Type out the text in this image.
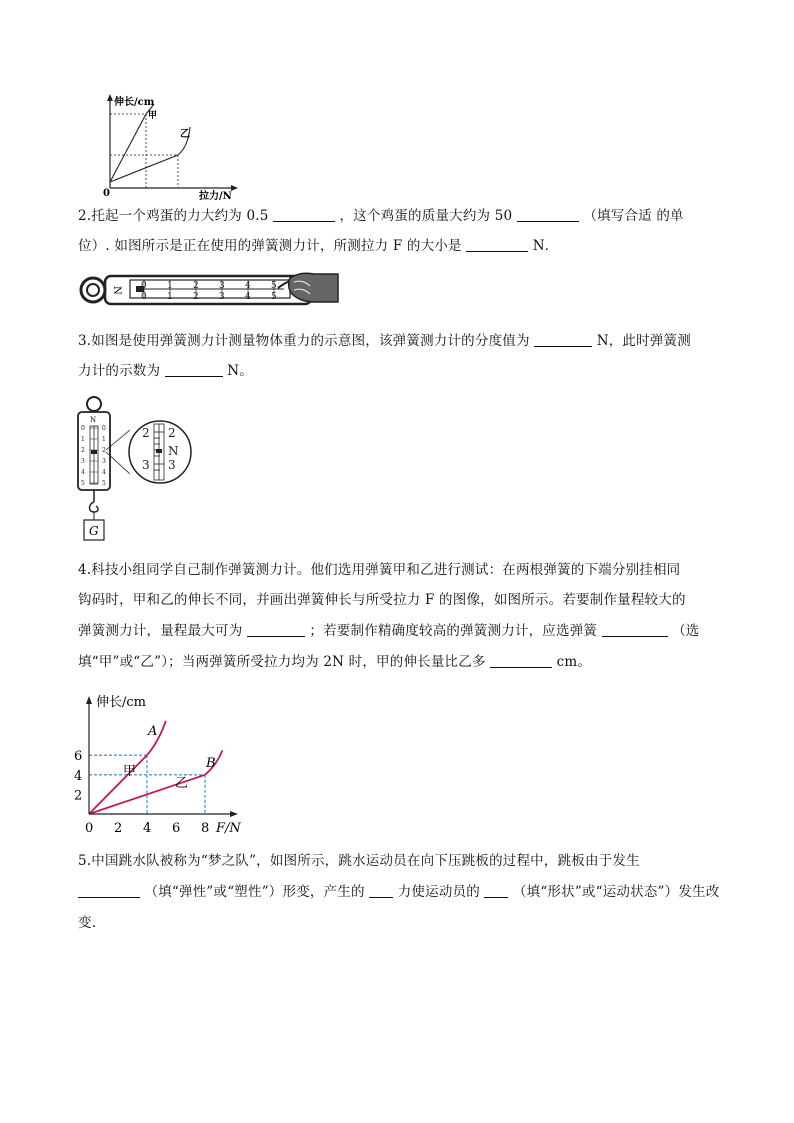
伸长/cm
拉力/N
0
甲
乙
2.托起一个鸡蛋的力大约为 0.5	，这个鸡蛋的质量大约为 50	（填写合适 的单
位）. 如图所示是正在使用的弹簧测力计，所测拉力 F 的大小是	N．
N 0 1 2 3 4 5
0 1 2 3 4 5
3.如图是使用弹簧测力计测量物体重力的示意图，该弹簧测力计的分度值为	N，此时弹簧测
力计的示数为	N。
N
0
1
2
3
4
5
0
1
2
3
4
5
G
2
3
2
N
3
4.科技小组同学自己制作弹簧测力计。他们选用弹簧甲和乙进行测试：在两根弹簧的下端分别挂相同
钩码时，甲和乙的伸长不同，并画出弹簧伸长与所受拉力 F 的图像，如图所示。若要制作量程较大的
弹簧测力计，量程最大可为	；若要制作精确度较高的弹簧测力计，应选弹簧	（选
填“甲”或“乙”）；当两弹簧所受拉力均为 2N 时，甲的伸长量比乙多	cm。
伸长/cm
F/N
0 2 4 6 8
2
4
6
甲
乙
A
B
5.中国跳水队被称为“梦之队”，如图所示，跳水运动员在向下压跳板的过程中，跳板由于发生
（填“弹性”或“塑性”）形变，产生的 力使运动员的 （填“形状”或“运动状态”）发生改
变.
